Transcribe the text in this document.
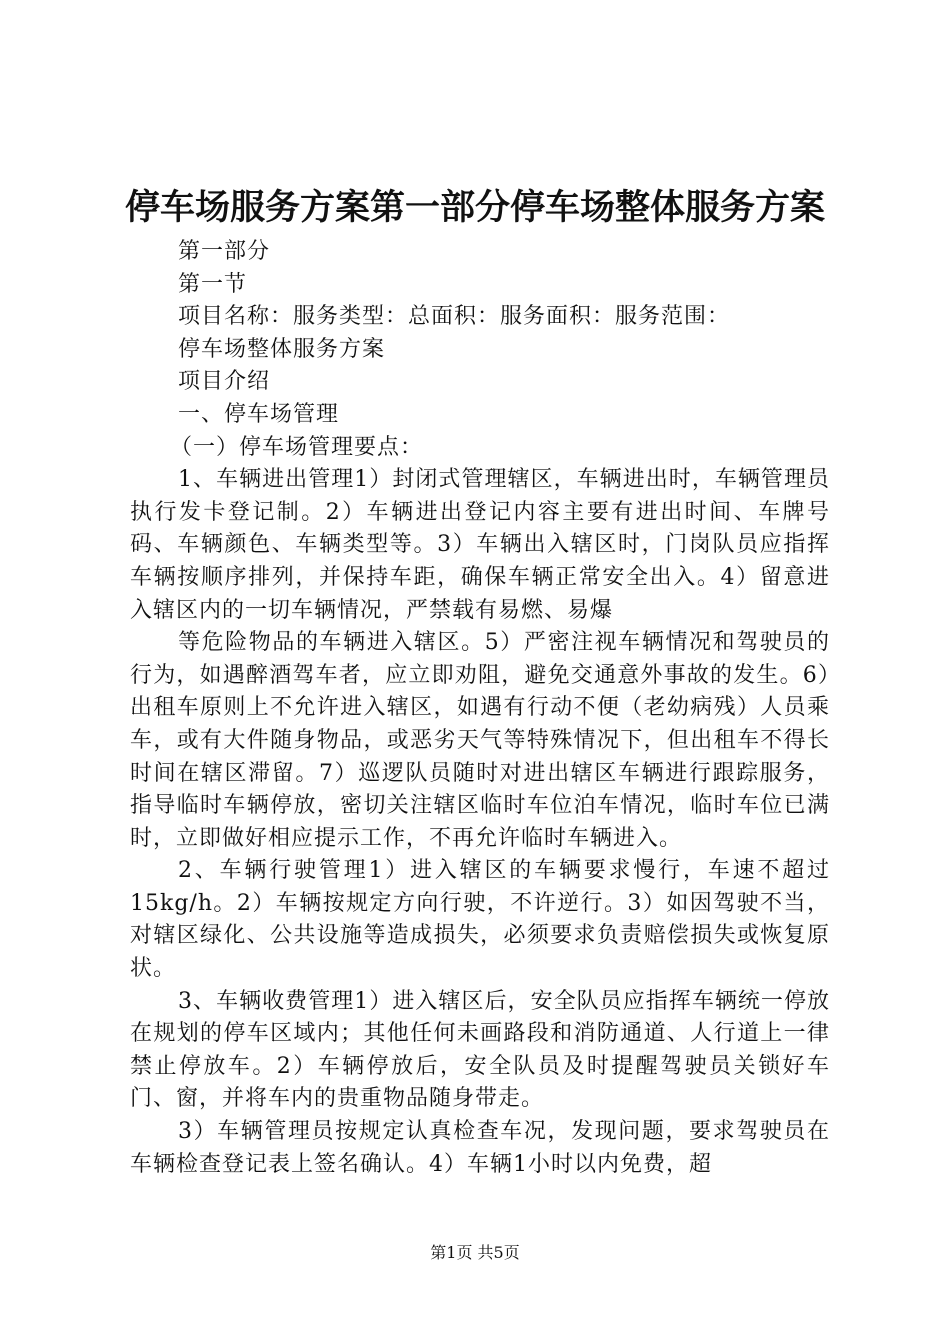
停车场服务方案第一部分停车场整体服务方案
第一部分
第一节
项目名称：服务类型：总面积：服务面积：服务范围：
停车场整体服务方案
项目介绍
一、停车场管理
（一）停车场管理要点：

1、车辆进出管理1）封闭式管理辖区，车辆进出时，车辆管理员执行发卡登记制。2）车辆进出登记内容主要有进出时间、车牌号码、车辆颜色、车辆类型等。3）车辆出入辖区时，门岗队员应指挥车辆按顺序排列，并保持车距，确保车辆正常安全出入。4）留意进入辖区内的一切车辆情况，严禁载有易燃、易爆

等危险物品的车辆进入辖区。5）严密注视车辆情况和驾驶员的行为，如遇醉酒驾车者，应立即劝阻，避免交通意外事故的发生。6）出租车原则上不允许进入辖区，如遇有行动不便（老幼病残）人员乘车，或有大件随身物品，或恶劣天气等特殊情况下，但出租车不得长时间在辖区滞留。7）巡逻队员随时对进出辖区车辆进行跟踪服务，指导临时车辆停放，密切关注辖区临时车位泊车情况，临时车位已满时，立即做好相应提示工作，不再允许临时车辆进入。

2、车辆行驶管理1）进入辖区的车辆要求慢行，车速不超过15kg/h。2）车辆按规定方向行驶，不许逆行。3）如因驾驶不当，对辖区绿化、公共设施等造成损失，必须要求负责赔偿损失或恢复原状。

3、车辆收费管理1）进入辖区后，安全队员应指挥车辆统一停放在规划的停车区域内；其他任何未画路段和消防通道、人行道上一律禁止停放车。2）车辆停放后，安全队员及时提醒驾驶员关锁好车门、窗，并将车内的贵重物品随身带走。

3）车辆管理员按规定认真检查车况，发现问题，要求驾驶员在车辆检查登记表上签名确认。4）车辆1小时以内免费，超

第1页 共5页
